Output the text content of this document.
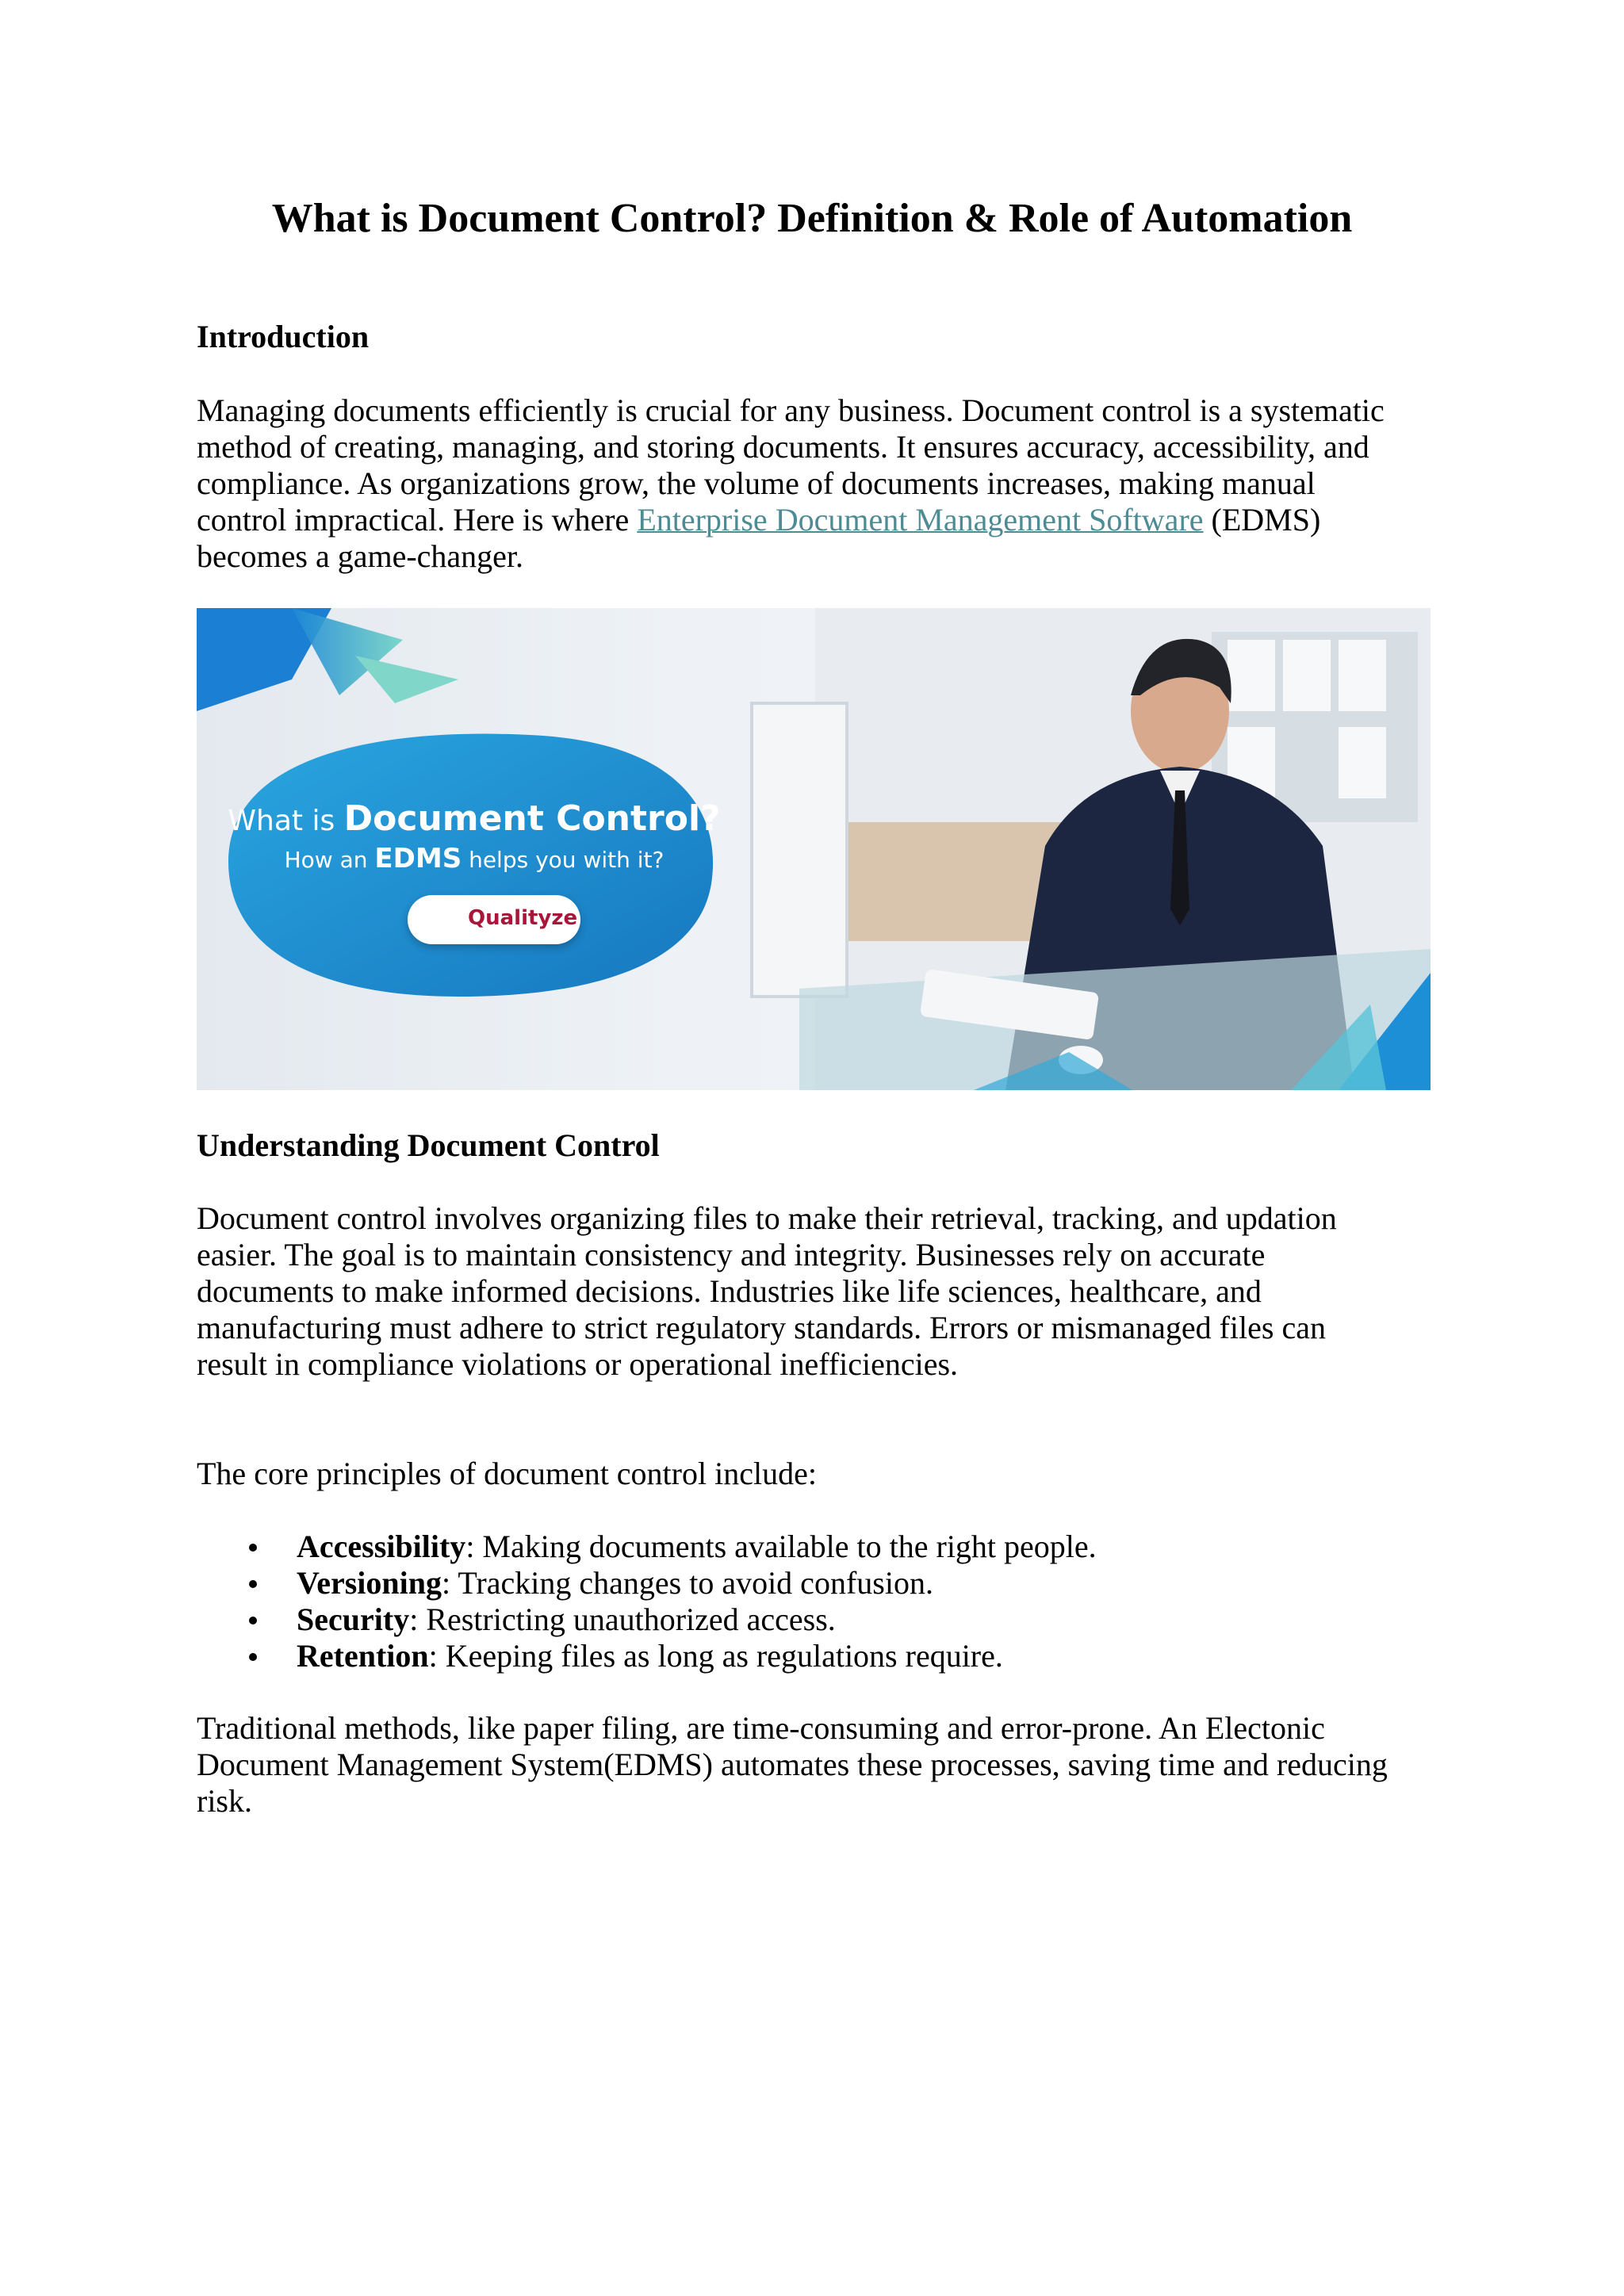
What is Document Control? Definition & Role of Automation
Introduction

Managing documents efficiently is crucial for any business. Document control is a systematic
method of creating, managing, and storing documents. It ensures accuracy, accessibility, and
compliance. As organizations grow, the volume of documents increases, making manual
control impractical. Here is where Enterprise Document Management Software (EDMS)
becomes a game-changer.

What is Document Control?
How an EDMS helps you with it?
Qualityze
Understanding Document Control

Document control involves organizing files to make their retrieval, tracking, and updation
easier. The goal is to maintain consistency and integrity. Businesses rely on accurate
documents to make informed decisions. Industries like life sciences, healthcare, and
manufacturing must adhere to strict regulatory standards. Errors or mismanaged files can
result in compliance violations or operational inefficiencies.

The core principles of document control include:

Accessibility: Making documents available to the right people.
Versioning: Tracking changes to avoid confusion.
Security: Restricting unauthorized access.
Retention: Keeping files as long as regulations require.

Traditional methods, like paper filing, are time-consuming and error-prone. An Electonic
Document Management System(EDMS) automates these processes, saving time and reducing
risk.
